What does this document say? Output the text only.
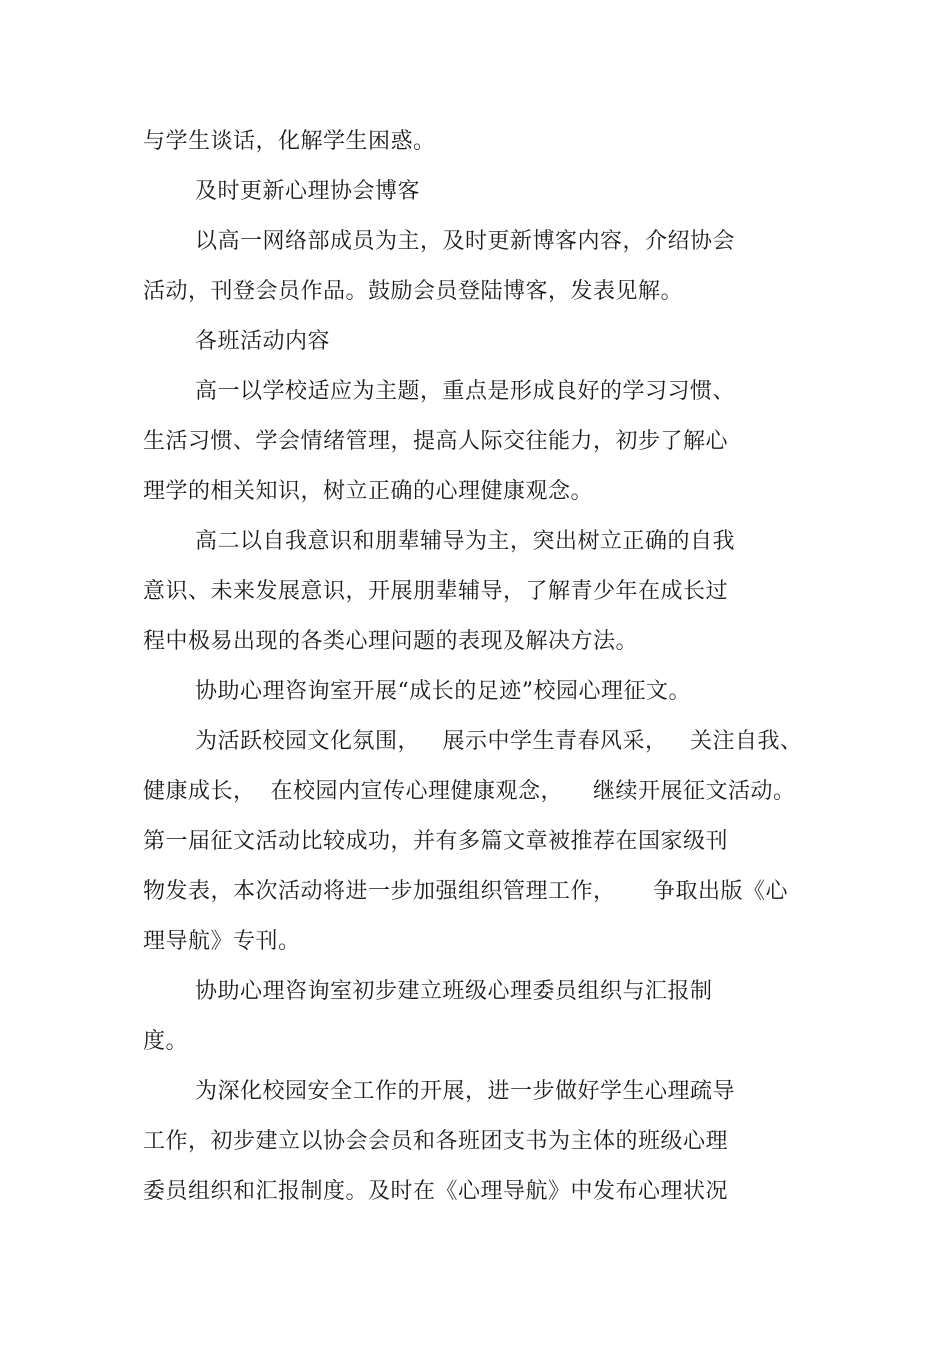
与学生谈话，化解学生困惑。
及时更新心理协会博客
以高一网络部成员为主，及时更新博客内容，介绍协会
活动，刊登会员作品。鼓励会员登陆博客，发表见解。
各班活动内容
高一以学校适应为主题，重点是形成良好的学习习惯、
生活习惯、学会情绪管理，提高人际交往能力，初步了解心
理学的相关知识，树立正确的心理健康观念。
高二以自我意识和朋辈辅导为主，突出树立正确的自我
意识、未来发展意识，开展朋辈辅导，了解青少年在成长过
程中极易出现的各类心理问题的表现及解决方法。
协助心理咨询室开展“成长的足迹”校园心理征文。
为活跃校园文化氛围，   展示中学生青春风采，   关注自我、
健康成长，  在校园内宣传心理健康观念，    继续开展征文活动。
第一届征文活动比较成功，并有多篇文章被推荐在国家级刊
物发表，本次活动将进一步加强组织管理工作，     争取出版《心
理导航》专刊。
协助心理咨询室初步建立班级心理委员组织与汇报制
度。
为深化校园安全工作的开展，进一步做好学生心理疏导
工作，初步建立以协会会员和各班团支书为主体的班级心理
委员组织和汇报制度。及时在《心理导航》中发布心理状况
